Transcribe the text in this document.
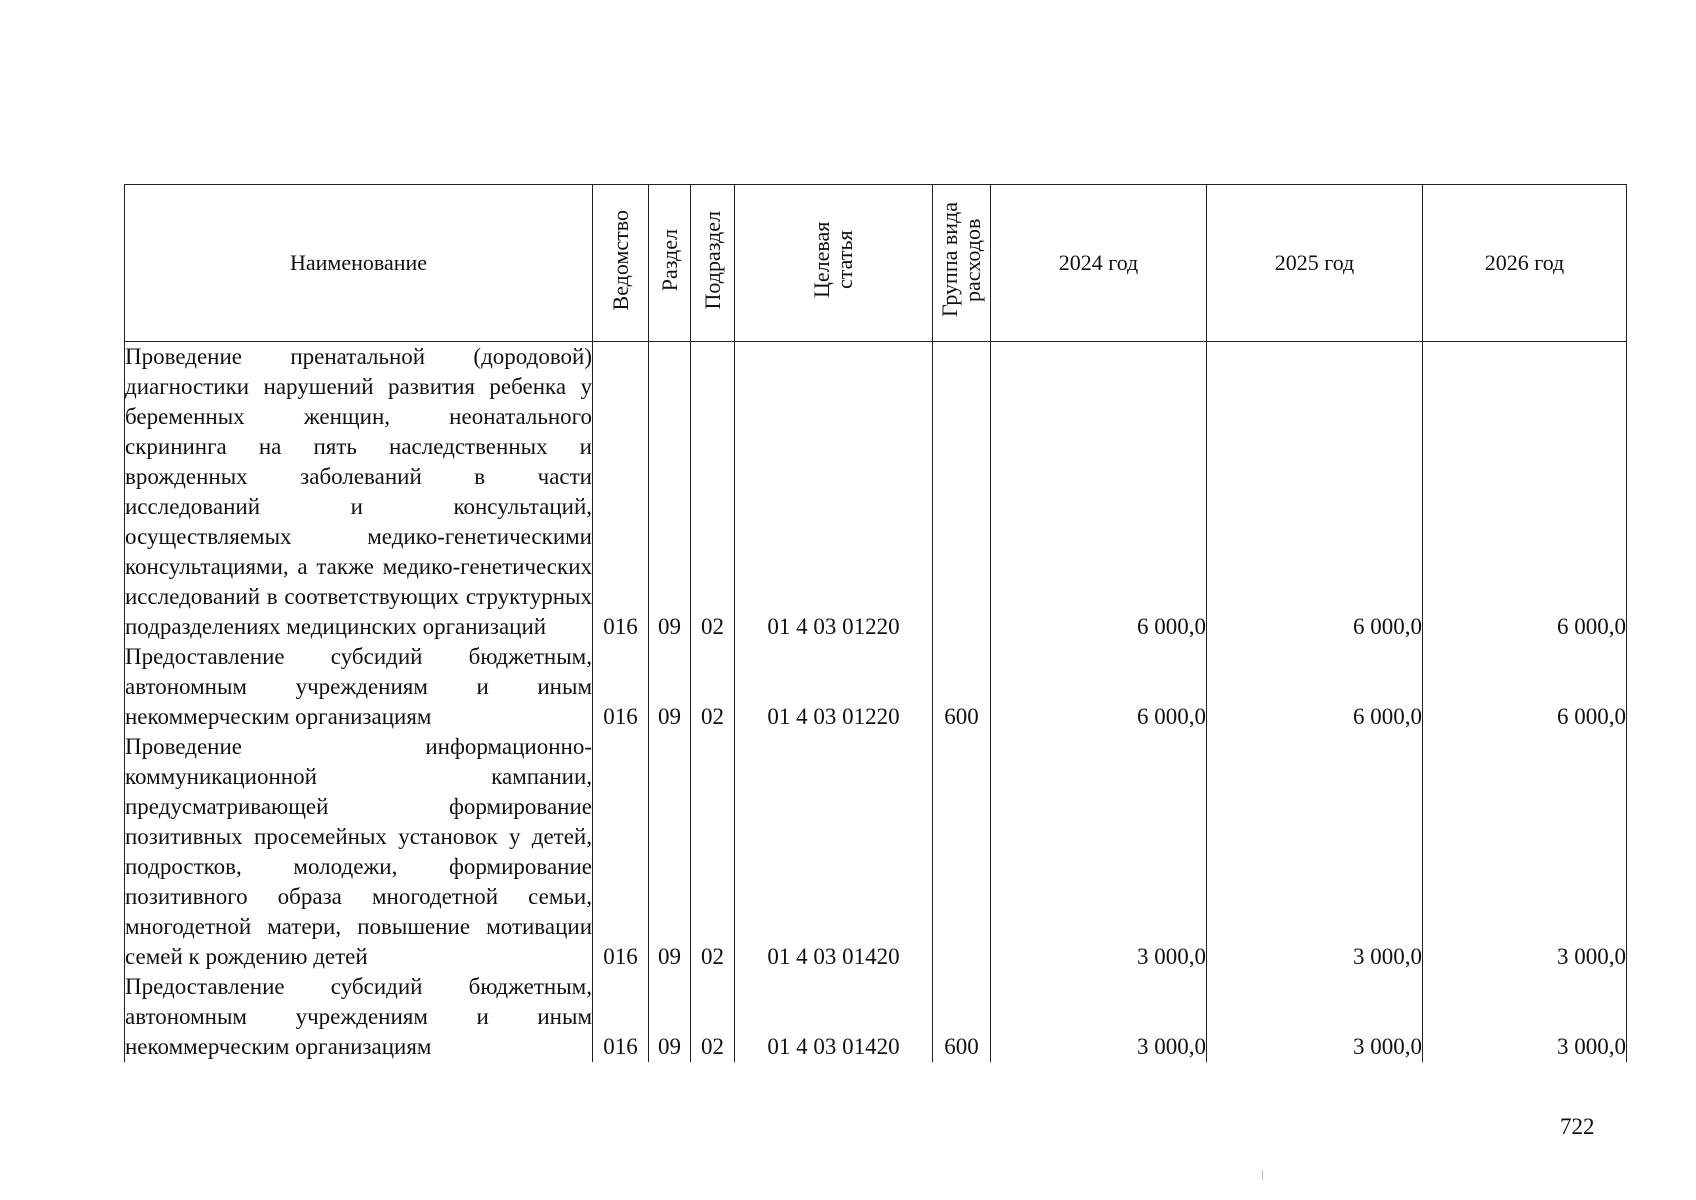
Наименование	Ведомство	Раздел	Подраздел	Целевая статья	Группа вида расходов	2024 год	2025 год	2026 год
Проведение пренатальной (дородовой) диагностики нарушений развития ребенка у беременных женщин, неонатального скрининга на пять наследственных и врожденных заболеваний в части исследований и консультаций, осуществляемых медико-генетическими консультациями, а также медико-генетических исследований в соответствующих структурных подразделениях медицинских организаций	016	09	02	01 4 03 01220		6 000,0	6 000,0	6 000,0
Предоставление субсидий бюджетным, автономным учреждениям и иным некоммерческим организациям	016	09	02	01 4 03 01220	600	6 000,0	6 000,0	6 000,0
Проведение информационно-коммуникационной кампании, предусматривающей формирование позитивных просемейных установок у детей, подростков, молодежи, формирование позитивного образа многодетной семьи, многодетной матери, повышение мотивации семей к рождению детей	016	09	02	01 4 03 01420		3 000,0	3 000,0	3 000,0
Предоставление субсидий бюджетным, автономным учреждениям и иным некоммерческим организациям	016	09	02	01 4 03 01420	600	3 000,0	3 000,0	3 000,0
722
